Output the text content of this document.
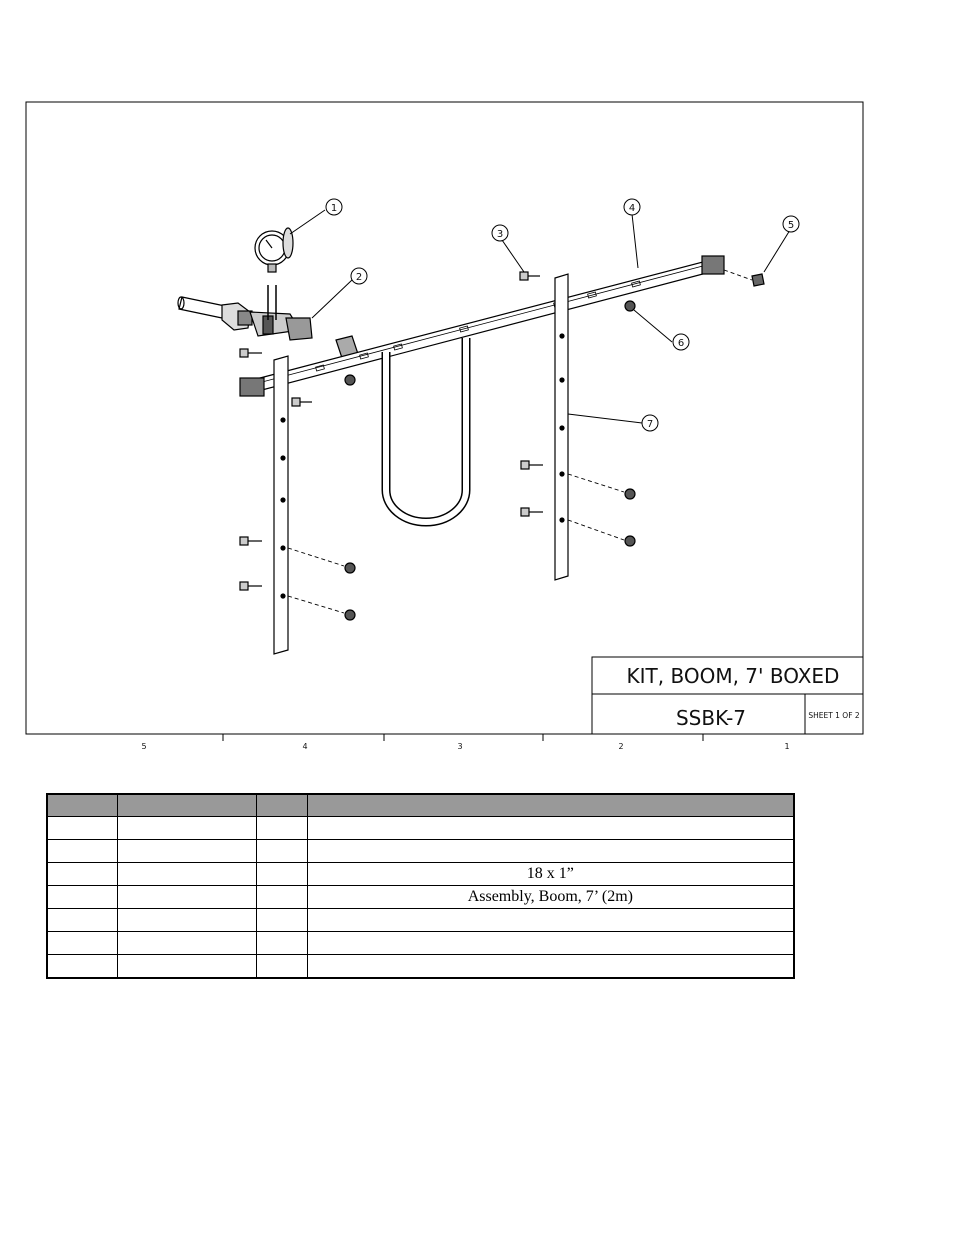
5	4	3	2	1
KIT, BOOM, 7' BOXED
SSBK-7	SHEET 1 OF 2
1
2
3
4
5
6
7

			18 x 1”
			Assembly, Boom, 7’ (2m)
